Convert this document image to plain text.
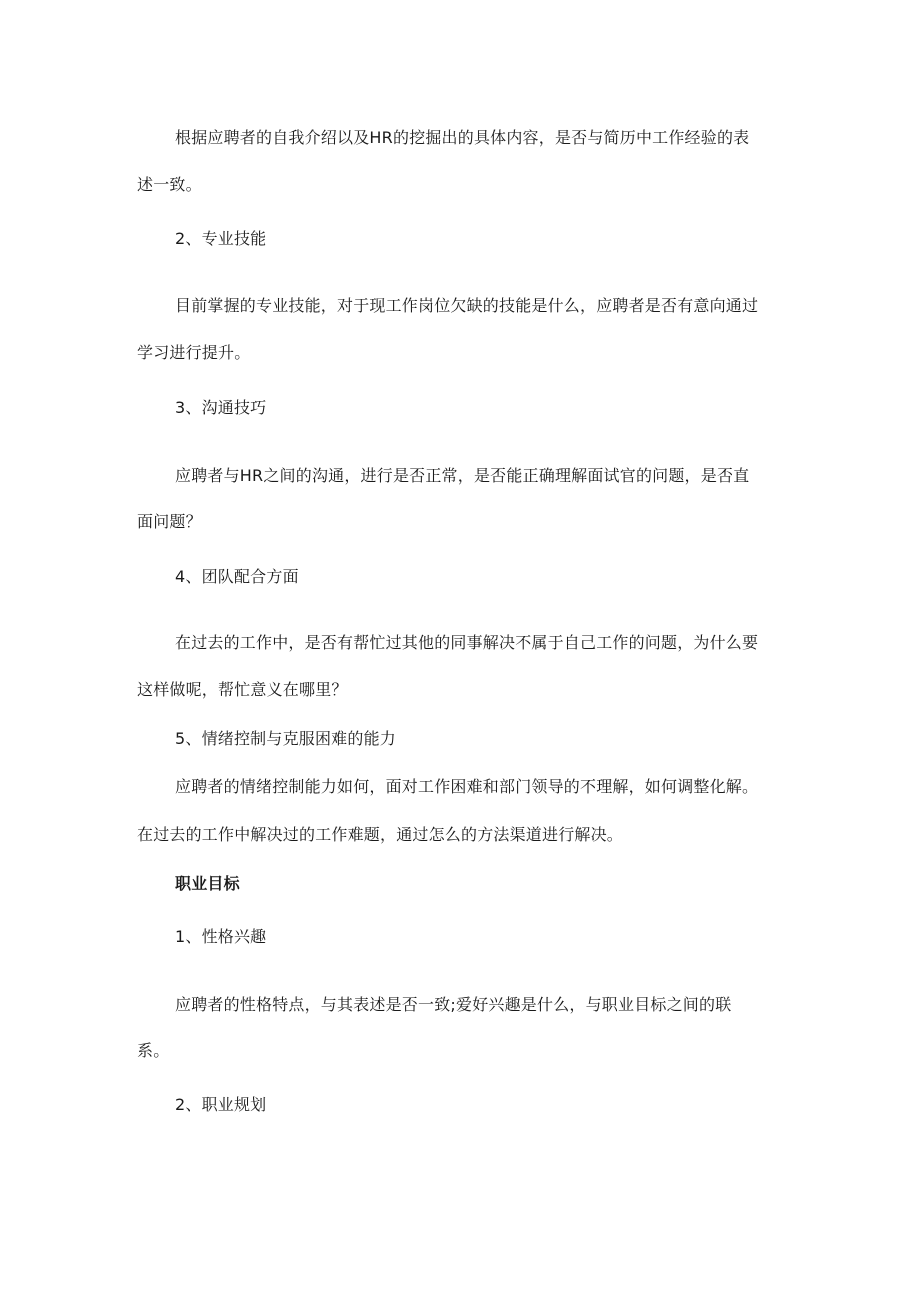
根据应聘者的自我介绍以及HR的挖掘出的具体内容，是否与简历中工作经验的表
述一致。
2、专业技能
目前掌握的专业技能，对于现工作岗位欠缺的技能是什么，应聘者是否有意向通过
学习进行提升。
3、沟通技巧
应聘者与HR之间的沟通，进行是否正常，是否能正确理解面试官的问题，是否直
面问题？
4、团队配合方面
在过去的工作中，是否有帮忙过其他的同事解决不属于自己工作的问题，为什么要
这样做呢，帮忙意义在哪里？
5、情绪控制与克服困难的能力
应聘者的情绪控制能力如何，面对工作困难和部门领导的不理解，如何调整化解。
在过去的工作中解决过的工作难题，通过怎么的方法渠道进行解决。
职业目标
1、性格兴趣
应聘者的性格特点，与其表述是否一致;爱好兴趣是什么，与职业目标之间的联
系。
2、职业规划
